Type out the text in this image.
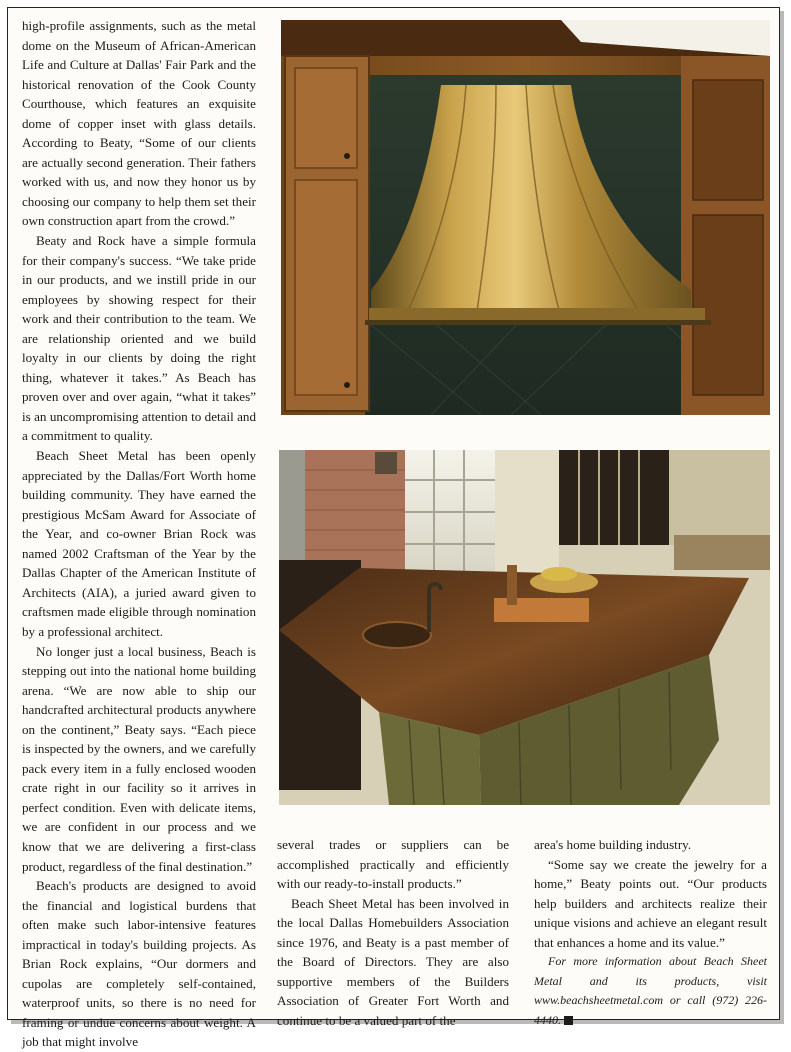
high-profile assignments, such as the metal dome on the Museum of African-American Life and Culture at Dallas' Fair Park and the historical renovation of the Cook County Courthouse, which features an exquisite dome of copper inset with glass details. According to Beaty, “Some of our clients are actually second generation. Their fathers worked with us, and now they honor us by choosing our company to help them set their own construction apart from the crowd.”

Beaty and Rock have a simple formula for their company's success. “We take pride in our products, and we instill pride in our employees by showing respect for their work and their contribution to the team. We are relationship oriented and we build loyalty in our clients by doing the right thing, whatever it takes.” As Beach has proven over and over again, “what it takes” is an uncompromising attention to detail and a commitment to quality.

Beach Sheet Metal has been openly appreciated by the Dallas/Fort Worth home building community. They have earned the prestigious McSam Award for Associate of the Year, and co-owner Brian Rock was named 2002 Craftsman of the Year by the Dallas Chapter of the American Institute of Architects (AIA), a juried award given to craftsmen made eligible through nomination by a professional architect.

No longer just a local business, Beach is stepping out into the national home building arena. “We are now able to ship our handcrafted architectural products anywhere on the continent,” Beaty says. “Each piece is inspected by the owners, and we carefully pack every item in a fully enclosed wooden crate right in our facility so it arrives in perfect condition. Even with delicate items, we are confident in our process and we know that we are delivering a first-class product, regardless of the final destination.”

Beach's products are designed to avoid the financial and logistical burdens that often make such labor-intensive features impractical in today's building projects. As Brian Rock explains, “Our dormers and cupolas are completely self-contained, waterproof units, so there is no need for framing or undue concerns about weight. A job that might involve

several trades or suppliers can be accomplished practically and efficiently with our ready-to-install products.”

Beach Sheet Metal has been involved in the local Dallas Homebuilders Association since 1976, and Beaty is a past member of the Board of Directors. They are also supportive members of the Builders Association of Greater Fort Worth and continue to be a valued part of the

area's home building industry.

“Some say we create the jewelry for a home,” Beaty points out. “Our products help builders and architects realize their unique visions and achieve an elegant result that enhances a home and its value.”

For more information about Beach Sheet Metal and its products, visit www.beachsheetmetal.com or call (972) 226-4440.
